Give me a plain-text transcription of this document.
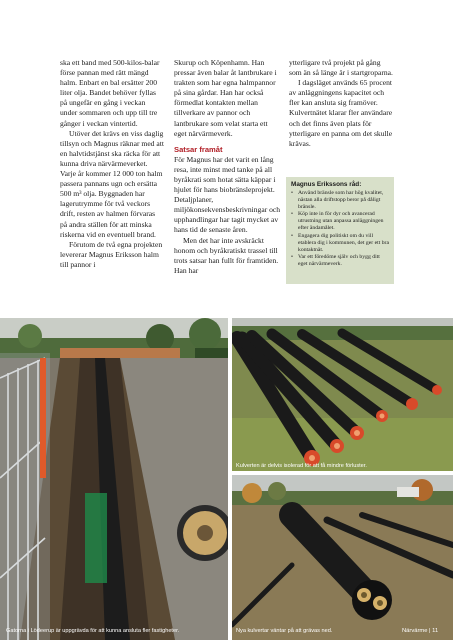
ska ett band med 500-kilos-balar förse pannan med rätt mängd halm. Enbart en bal ersätter 200 liter olja. Bandet behöver fyllas på ungefär en gång i veckan under sommaren och upp till tre gånger i veckan vintertid.

Utöver det krävs en viss daglig tillsyn och Magnus räknar med att en halvtidstjänst ska räcka för att kunna driva närvärmeverket. Varje år kommer 12 000 ton halm passera pannans ugn och ersätta 500 m³ olja. Byggnaden har lagerutrymme för två veckors drift, resten av halmen förvaras på andra ställen för att minska riskerna vid en eventuell brand.

Förutom de två egna projekten levererar Magnus Eriksson halm till pannor i

Skurup och Köpenhamn. Han pressar även balar åt lantbrukare i trakten som har egna halmpannor på sina gårdar. Han har också förmedlat kontakten mellan tillverkare av pannor och lantbrukare som velat starta ett eget närvärmeverk.

Satsar framåt

För Magnus har det varit en lång resa, inte minst med tanke på all byråkrati som hotat sätta käppar i hjulet för hans biobränsleprojekt. Detaljplaner, miljökonsekvensbeskrivningar och upphandlingar har tagit mycket av hans tid de senaste åren.

Men det har inte avskräckt honom och byråkratiskt trassel till trots satsar han fullt för framtiden. Han har

ytterligare två projekt på gång som än så länge är i startgroparna.

I dagsläget används 65 procent av anläggningens kapacitet och fler kan ansluta sig framöver. Kulvertnätet klarar fler användare och det finns även plats för ytterligare en panna om det skulle krävas.

Magnus Erikssons råd:
• Använd bränsle som har hög kvalitet, nästan alla driftstopp beror på dåligt bränsle.
• Köp inte in för dyr och avancerad utrustning utan anpassa anläggningen efter ändamålet.
• Engagera dig politiskt om du vill etablera dig i kommunen, det ger ett bra kontaktnät.
• Var ett föredöme själv och bygg ditt eget närvärmeverk.
Gatorna i Lödeerup är uppgrävda för att kunna ansluta fler fastigheter.
Kulverten är delvis isolerad för att få mindre förluster.
Nya kulvertar väntar på att grävas ned.	Närvärme | 11
